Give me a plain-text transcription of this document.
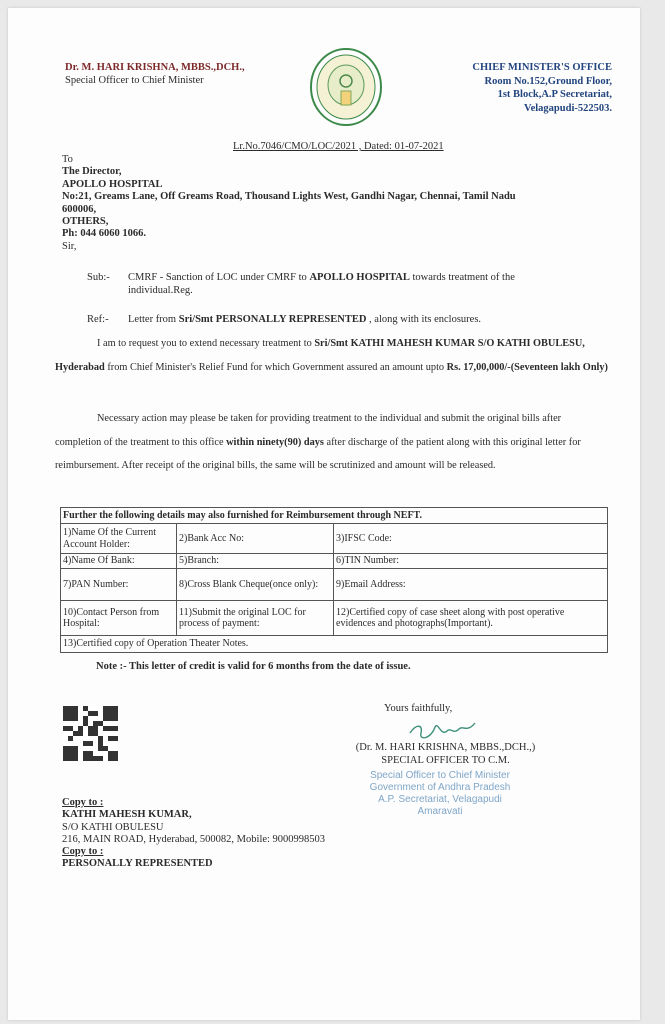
Dr. M. HARI KRISHNA, MBBS.,DCH.,
Special Officer to Chief Minister
CHIEF MINISTER'S OFFICE
Room No.152,Ground Floor,
1st Block,A.P Secretariat,
Velagapudi-522503.
Lr.No.7046/CMO/LOC/2021 , Dated: 01-07-2021
To
The Director,
APOLLO HOSPITAL
No:21, Greams Lane, Off Greams Road, Thousand Lights West, Gandhi Nagar, Chennai, Tamil Nadu
600006,
OTHERS,
Ph: 044 6060 1066.
Sir,
Sub:- CMRF - Sanction of LOC under CMRF to APOLLO HOSPITAL towards treatment of the
individual.Reg.
Ref:- Letter from Sri/Smt PERSONALLY REPRESENTED , along with its enclosures.
I am to request you to extend necessary treatment to Sri/Smt KATHI MAHESH KUMAR S/O KATHI OBULESU, Hyderabad from Chief Minister's Relief Fund for which Government assured an amount upto Rs. 17,00,000/-(Seventeen lakh Only)
Necessary action may please be taken for providing treatment to the individual and submit the original bills after completion of the treatment to this office within ninety(90) days after discharge of the patient along with this original letter for reimbursement. After receipt of the original bills, the same will be scrutinized and amount will be released.
Further the following details may also furnished for Reimbursement through NEFT.		
1)Name Of the Current Account Holder:	2)Bank Acc No:	3)IFSC Code:
4)Name Of Bank:	5)Branch:	6)TIN Number:
7)PAN Number:	8)Cross Blank Cheque(once only):	9)Email Address:
10)Contact Person from Hospital:	11)Submit the original LOC for process of payment:	12)Certified copy of case sheet along with post operative evidences and photographs(Important).
13)Certified copy of Operation Theater Notes.		
Note :- This letter of credit is valid for 6 months from the date of issue.
Yours faithfully,
(Dr. M. HARI KRISHNA, MBBS.,DCH.,)
SPECIAL OFFICER TO C.M.
Special Officer to Chief Minister
Government of Andhra Pradesh
A.P. Secretariat, Velagapudi
Amaravati
Copy to :
KATHI MAHESH KUMAR,
S/O KATHI OBULESU
216, MAIN ROAD, Hyderabad, 500082, Mobile: 9000998503
Copy to :
PERSONALLY REPRESENTED
